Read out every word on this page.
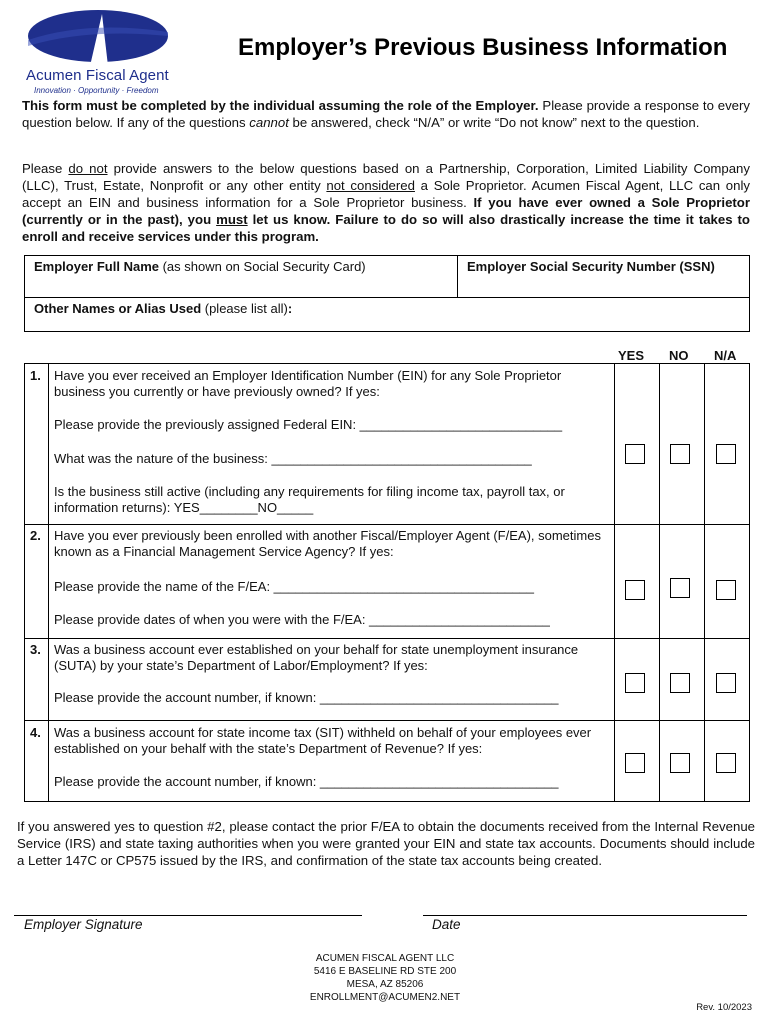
Acumen Fiscal Agent
Innovation · Opportunity · Freedom
Employer’s Previous Business Information
This form must be completed by the individual assuming the role of the Employer. Please provide a response to every question below. If any of the questions cannot be answered, check “N/A” or write “Do not know” next to the question.
Please do not provide answers to the below questions based on a Partnership, Corporation, Limited Liability Company (LLC), Trust, Estate, Nonprofit or any other entity not considered a Sole Proprietor. Acumen Fiscal Agent, LLC can only accept an EIN and business information for a Sole Proprietor business. If you have ever owned a Sole Proprietor (currently or in the past), you must let us know. Failure to do so will also drastically increase the time it takes to enroll and receive services under this program.
Employer Full Name (as shown on Social Security Card)	Employer Social Security Number (SSN)
Other Names or Alias Used (please list all):
YES NO N/A
1. Have you ever received an Employer Identification Number (EIN) for any Sole Proprietor business you currently or have previously owned? If yes:
Please provide the previously assigned Federal EIN: ____________________________
What was the nature of the business: ____________________________________
Is the business still active (including any requirements for filing income tax, payroll tax, or
information returns): YES________NO_____
2. Have you ever previously been enrolled with another Fiscal/Employer Agent (F/EA), sometimes known as a Financial Management Service Agency? If yes:
Please provide the name of the F/EA: ____________________________________
Please provide dates of when you were with the F/EA: _________________________
3. Was a business account ever established on your behalf for state unemployment insurance (SUTA) by your state’s Department of Labor/Employment? If yes:
Please provide the account number, if known: _________________________________
4. Was a business account for state income tax (SIT) withheld on behalf of your employees ever established on your behalf with the state’s Department of Revenue? If yes:
Please provide the account number, if known: _________________________________
If you answered yes to question #2, please contact the prior F/EA to obtain the documents received from the Internal Revenue Service (IRS) and state taxing authorities when you were granted your EIN and state tax accounts. Documents should include a Letter 147C or CP575 issued by the IRS, and confirmation of the state tax accounts being created.
Employer Signature	Date
ACUMEN FISCAL AGENT LLC
5416 E BASELINE RD STE 200
MESA, AZ 85206
ENROLLMENT@ACUMEN2.NET
Rev. 10/2023
